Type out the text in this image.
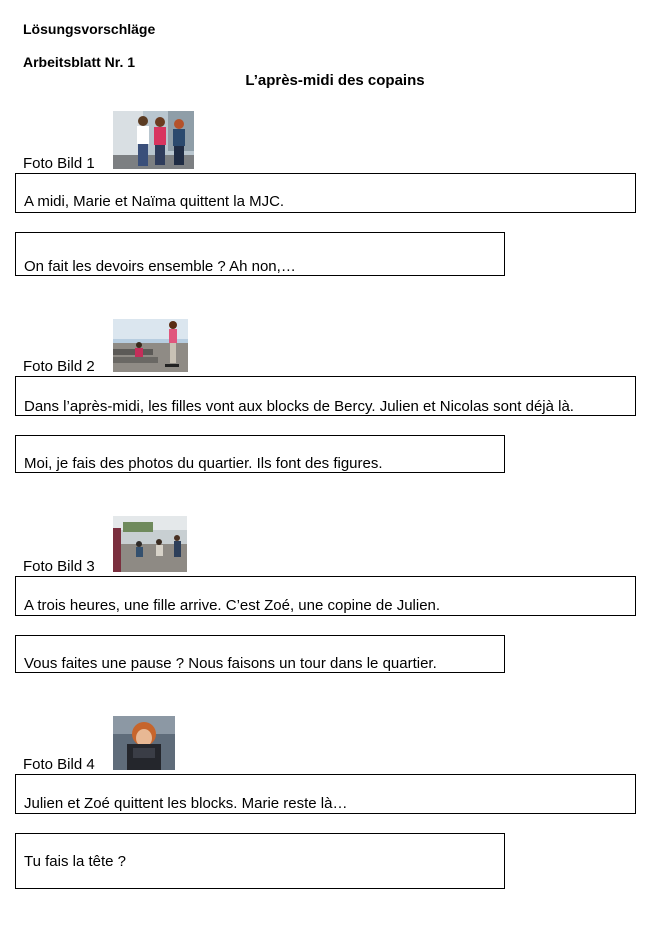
Lösungsvorschläge
Arbeitsblatt Nr. 1
L’après-midi des copains
Foto Bild 1
A midi, Marie et Naïma quittent la MJC.
On fait les devoirs ensemble ? Ah non,…
Foto Bild 2
Dans l’après-midi, les filles vont aux blocks de Bercy. Julien et Nicolas sont déjà là.
Moi, je fais des photos du quartier. Ils font des figures.
Foto Bild 3
A trois heures, une fille arrive. C’est Zoé, une copine de Julien.
Vous faites une pause ? Nous faisons un tour dans le quartier.
Foto Bild 4
Julien et Zoé quittent les blocks. Marie reste là…
Tu fais la tête ?
